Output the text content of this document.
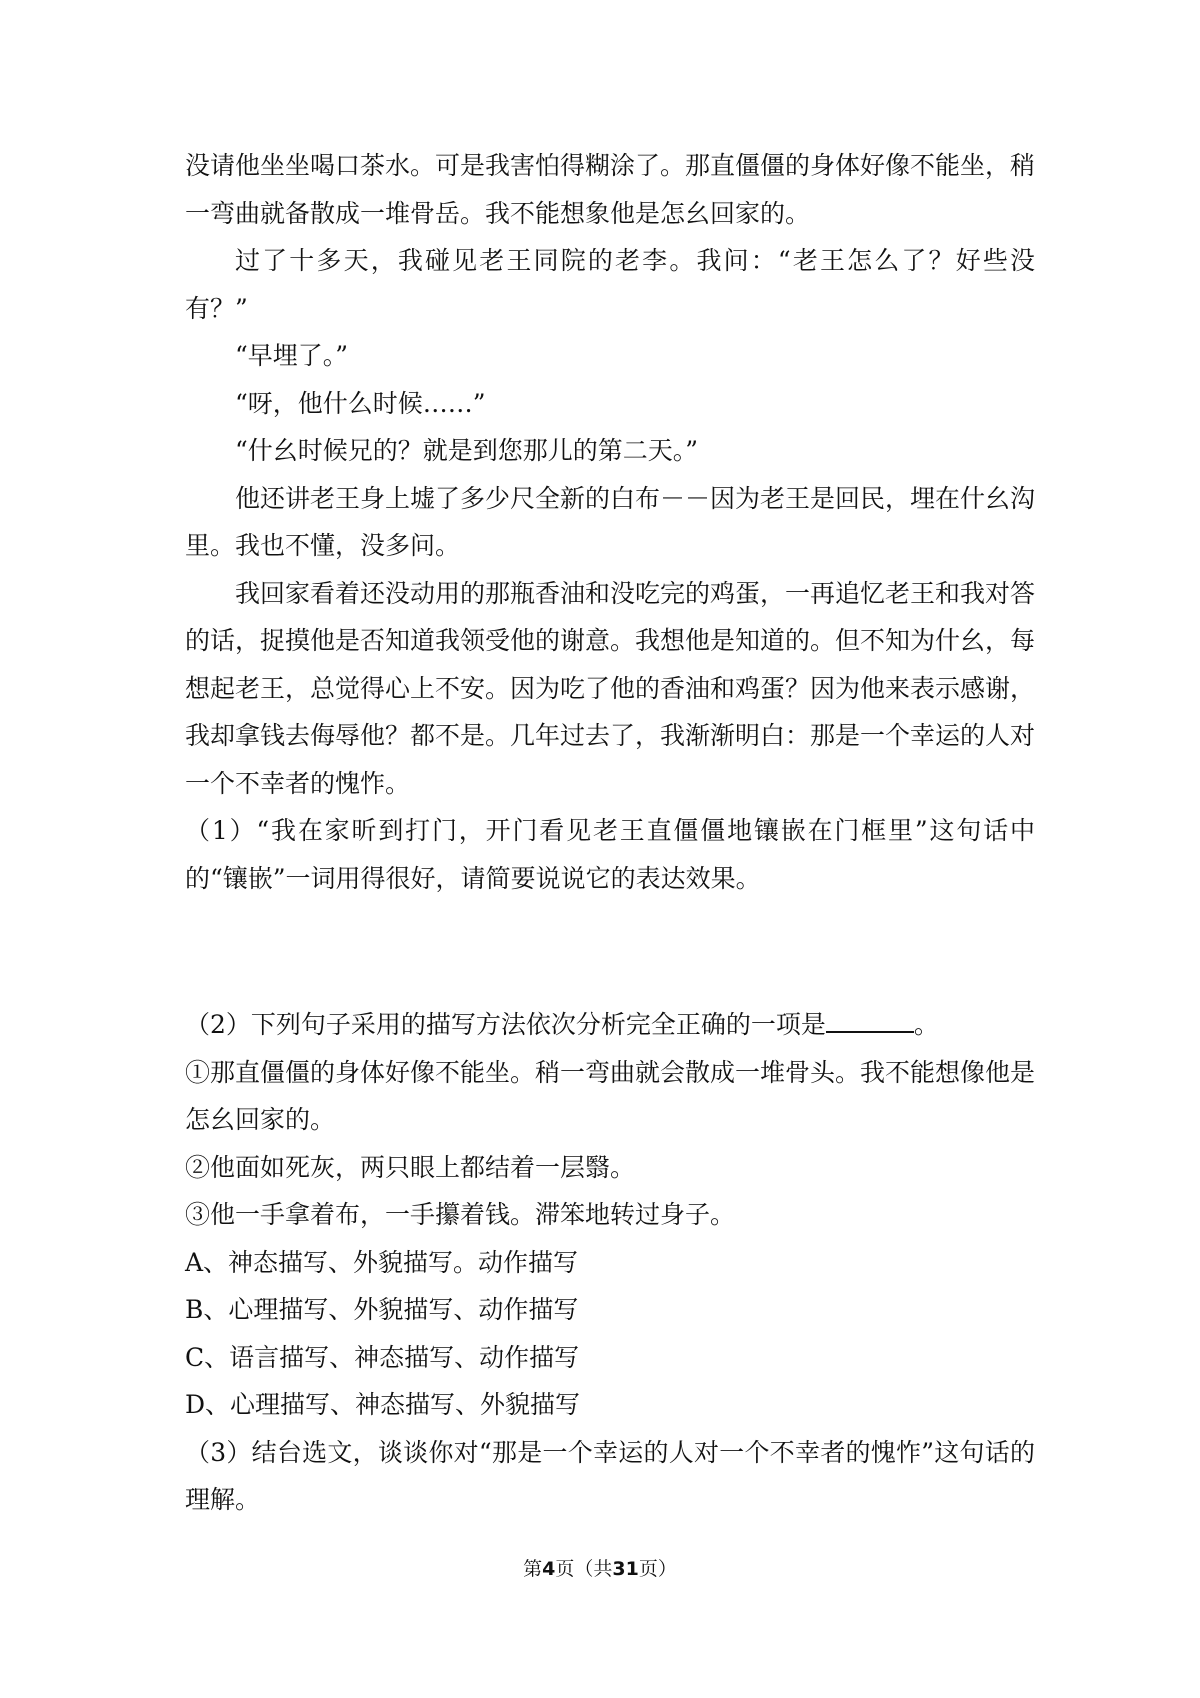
没请他坐坐喝口茶水。可是我害怕得糊涂了。那直僵僵的身体好像不能坐，稍一弯曲就备散成一堆骨岳。我不能想象他是怎幺回家的。

过了十多天，我碰见老王同院的老李。我问：“老王怎么了？好些没有？”

“早埋了。”

“呀，他什么时候……”

“什幺时候兄的？就是到您那儿的第二天。”

他还讲老王身上墟了多少尺全新的白布－－因为老王是回民，埋在什幺沟里。我也不懂，没多问。

我回家看着还没动用的那瓶香油和没吃完的鸡蛋，一再追忆老王和我对答的话，捉摸他是否知道我领受他的谢意。我想他是知道的。但不知为什幺，每想起老王，总觉得心上不安。因为吃了他的香油和鸡蛋？因为他来表示感谢，我却拿钱去侮辱他？都不是。几年过去了，我渐渐明白：那是一个幸运的人对一个不幸者的愧怍。

（1）“我在家昕到打门，开门看见老王直僵僵地镶嵌在门框里”这句话中的“镶嵌”一词用得很好，请简要说说它的表达效果。

（2）下列句子采用的描写方法依次分析完全正确的一项是	。

①那直僵僵的身体好像不能坐。稍一弯曲就会散成一堆骨头。我不能想像他是怎幺回家的。

②他面如死灰，两只眼上都结着一层翳。

③他一手拿着布，一手攥着钱。滞笨地转过身子。

A、神态描写、外貌描写。动作描写

B、心理描写、外貌描写、动作描写

C、语言描写、神态描写、动作描写

D、心理描写、神态描写、外貌描写

（3）结台选文，谈谈你对“那是一个幸运的人对一个不幸者的愧怍”这句话的理解。

第4页（共31页）
